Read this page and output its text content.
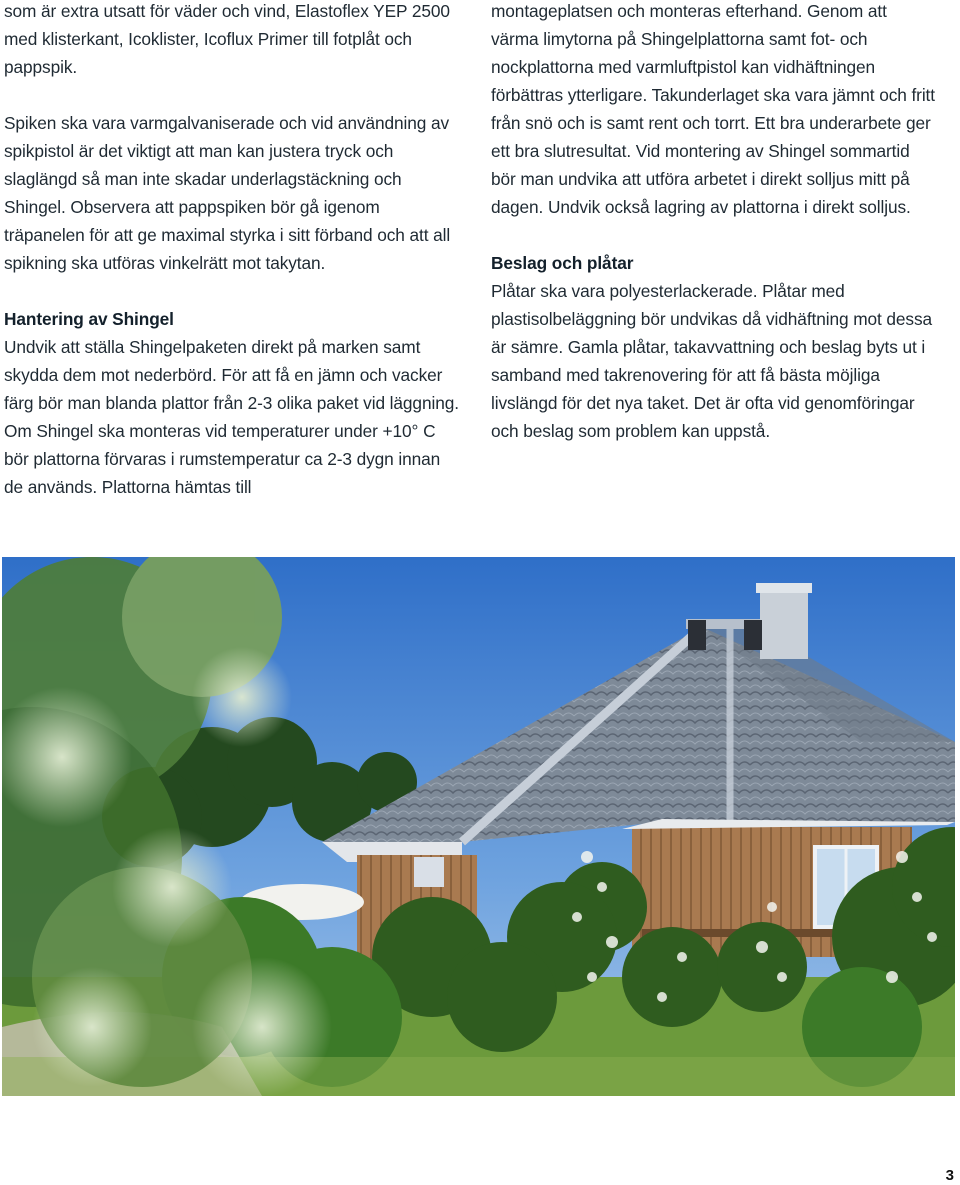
som är extra utsatt för väder och vind, Elastoflex YEP 2500 med klisterkant, Icoklister, Icoflux Primer till fotplåt och pappspik.

Spiken ska vara varmgalvaniserade och vid användning av spikpistol är det viktigt att man kan justera tryck och slaglängd så man inte skadar underlagstäckning och Shingel. Observera att pappspiken bör gå igenom träpanelen för att ge maximal styrka i sitt förband och att all spikning ska utföras vinkelrätt mot takytan.

Hantering av Shingel

Undvik att ställa Shingelpaketen direkt på marken samt skydda dem mot nederbörd. För att få en jämn och vacker färg bör man blanda plattor från 2-3 olika paket vid läggning. Om Shingel ska monteras vid temperaturer under +10° C bör plattorna förvaras i rumstemperatur ca 2-3 dygn innan de används. Plattorna hämtas till

montageplatsen och monteras efterhand. Genom att värma limytorna på Shingelplattorna samt fot- och nockplattorna med varmluftpistol kan vidhäftningen förbättras ytterligare. Takunderlaget ska vara jämnt och fritt från snö och is samt rent och torrt. Ett bra underarbete ger ett bra slutresultat. Vid montering av Shingel sommartid bör man undvika att utföra arbetet i direkt solljus mitt på dagen. Undvik också lagring av plattorna i direkt solljus.

Beslag och plåtar

Plåtar ska vara polyesterlackerade. Plåtar med plastisolbeläggning bör undvikas då vidhäftning mot dessa är sämre. Gamla plåtar, takavvattning och beslag byts ut i samband med takrenovering för att få bästa möjliga livslängd för det nya taket. Det är ofta vid genomföringar och beslag som problem kan uppstå.

3
